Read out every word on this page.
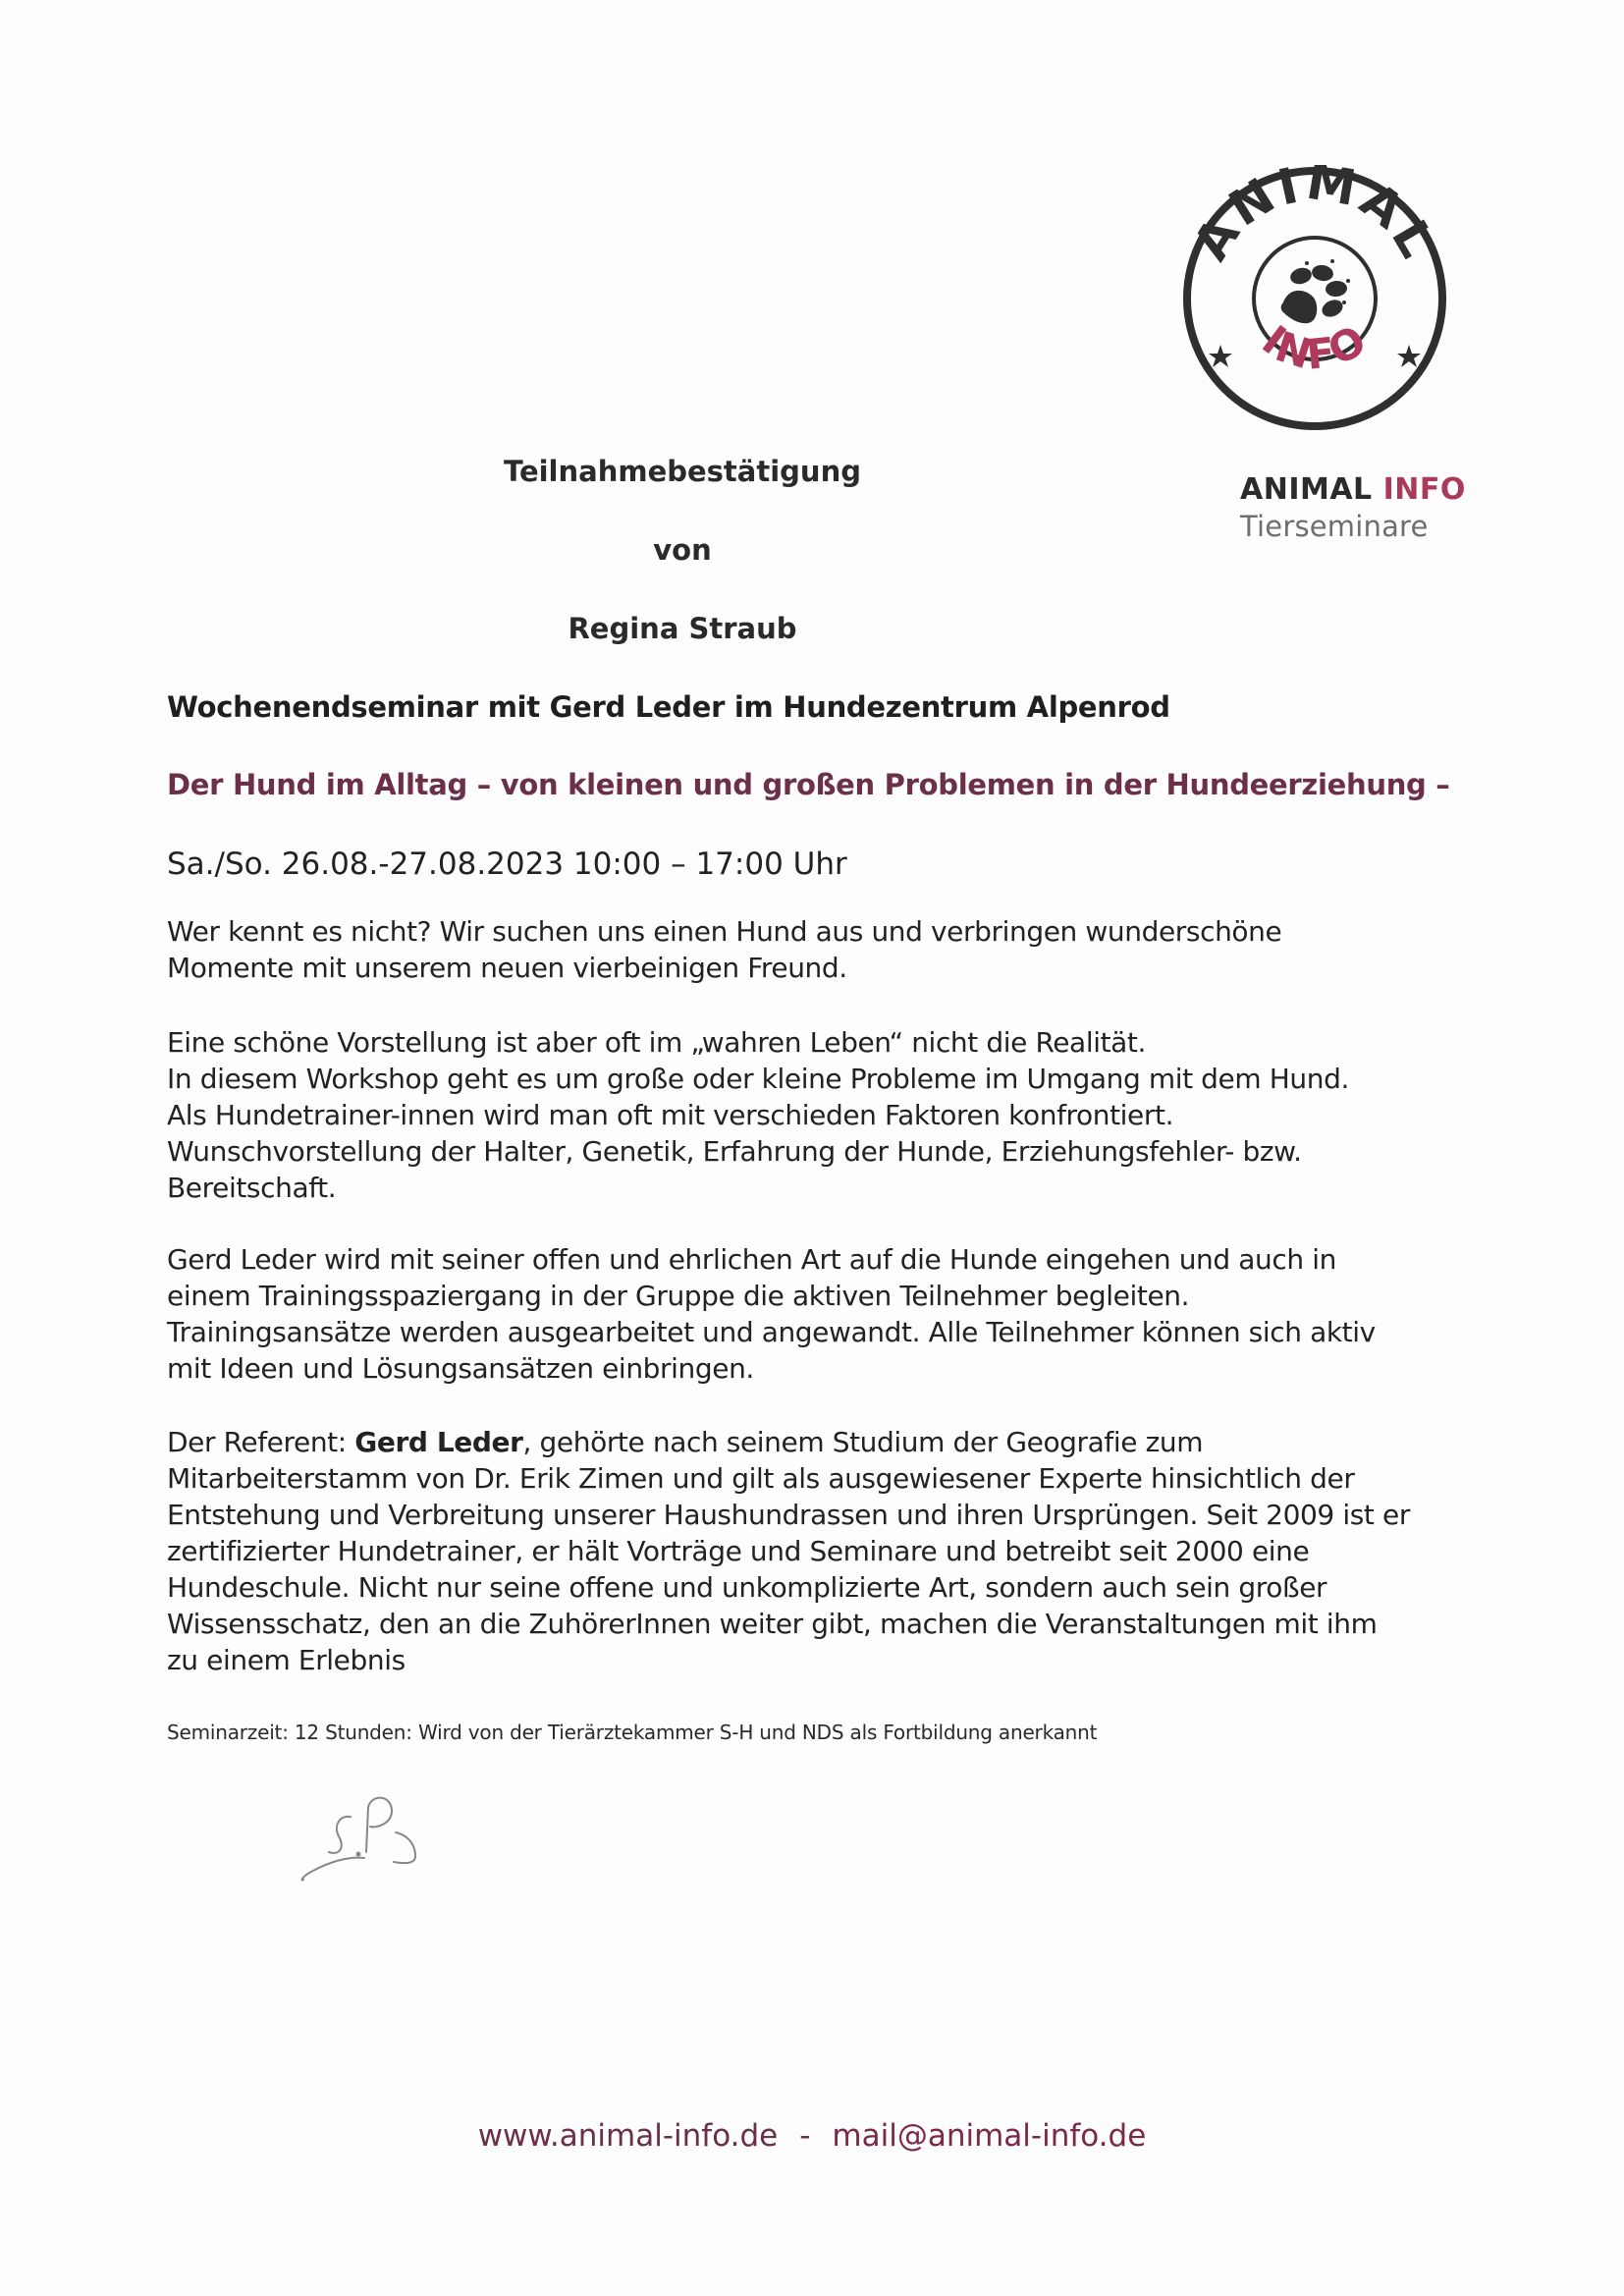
ANIMAL
INFO
ANIMAL INFO
Tierseminare
Teilnahmebestätigung
von
Regina Straub
Wochenendseminar mit Gerd Leder im Hundezentrum Alpenrod
Der Hund im Alltag – von kleinen und großen Problemen in der Hundeerziehung –
Sa./So. 26.08.-27.08.2023 10:00 – 17:00 Uhr
Wer kennt es nicht? Wir suchen uns einen Hund aus und verbringen wunderschöne
Momente mit unserem neuen vierbeinigen Freund.
Eine schöne Vorstellung ist aber oft im „wahren Leben“ nicht die Realität.
In diesem Workshop geht es um große oder kleine Probleme im Umgang mit dem Hund.
Als Hundetrainer-innen wird man oft mit verschieden Faktoren konfrontiert.
Wunschvorstellung der Halter, Genetik, Erfahrung der Hunde, Erziehungsfehler- bzw.
Bereitschaft.
Gerd Leder wird mit seiner offen und ehrlichen Art auf die Hunde eingehen und auch in
einem Trainingsspaziergang in der Gruppe die aktiven Teilnehmer begleiten.
Trainingsansätze werden ausgearbeitet und angewandt. Alle Teilnehmer können sich aktiv
mit Ideen und Lösungsansätzen einbringen.
Der Referent: Gerd Leder, gehörte nach seinem Studium der Geografie zum
Mitarbeiterstamm von Dr. Erik Zimen und gilt als ausgewiesener Experte hinsichtlich der
Entstehung und Verbreitung unserer Haushundrassen und ihren Ursprüngen. Seit 2009 ist er
zertifizierter Hundetrainer, er hält Vorträge und Seminare und betreibt seit 2000 eine
Hundeschule. Nicht nur seine offene und unkomplizierte Art, sondern auch sein großer
Wissensschatz, den an die ZuhörerInnen weiter gibt, machen die Veranstaltungen mit ihm
zu einem Erlebnis
Seminarzeit: 12 Stunden: Wird von der Tierärztekammer S-H und NDS als Fortbildung anerkannt
www.animal-info.de - mail@animal-info.de
